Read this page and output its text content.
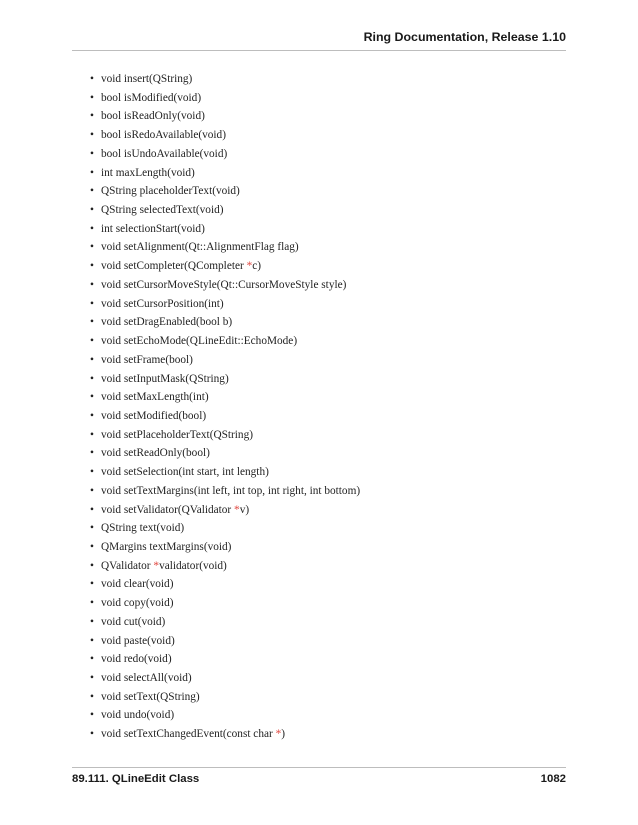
Ring Documentation, Release 1.10
• void insert(QString)
• bool isModified(void)
• bool isReadOnly(void)
• bool isRedoAvailable(void)
• bool isUndoAvailable(void)
• int maxLength(void)
• QString placeholderText(void)
• QString selectedText(void)
• int selectionStart(void)
• void setAlignment(Qt::AlignmentFlag flag)
• void setCompleter(QCompleter *c)
• void setCursorMoveStyle(Qt::CursorMoveStyle style)
• void setCursorPosition(int)
• void setDragEnabled(bool b)
• void setEchoMode(QLineEdit::EchoMode)
• void setFrame(bool)
• void setInputMask(QString)
• void setMaxLength(int)
• void setModified(bool)
• void setPlaceholderText(QString)
• void setReadOnly(bool)
• void setSelection(int start, int length)
• void setTextMargins(int left, int top, int right, int bottom)
• void setValidator(QValidator *v)
• QString text(void)
• QMargins textMargins(void)
• QValidator *validator(void)
• void clear(void)
• void copy(void)
• void cut(void)
• void paste(void)
• void redo(void)
• void selectAll(void)
• void setText(QString)
• void undo(void)
• void setTextChangedEvent(const char *)
89.111. QLineEdit Class	1082
